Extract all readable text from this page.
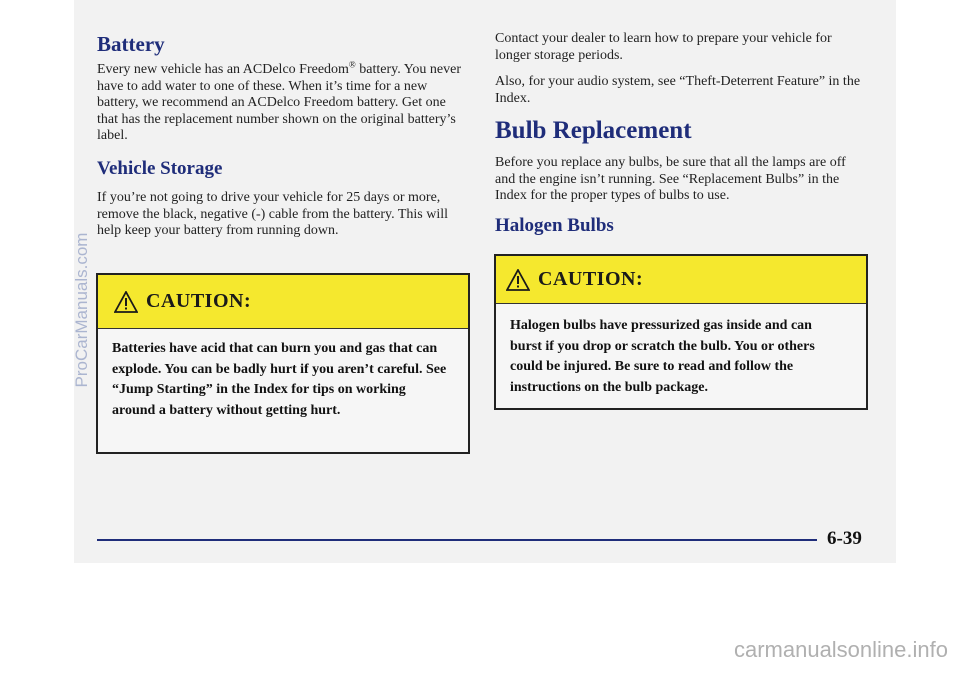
Battery

Every new vehicle has an ACDelco Freedom® battery. You never have to add water to one of these. When it’s time for a new battery, we recommend an ACDelco Freedom battery. Get one that has the replacement number shown on the original battery’s label.

Vehicle Storage

If you’re not going to drive your vehicle for 25 days or more, remove the black, negative (-) cable from the battery. This will help keep your battery from running down.

CAUTION:
Batteries have acid that can burn you and gas that can explode. You can be badly hurt if you aren’t careful. See “Jump Starting” in the Index for tips on working around a battery without getting hurt.

Contact your dealer to learn how to prepare your vehicle for longer storage periods.

Also, for your audio system, see “Theft-Deterrent Feature” in the Index.

Bulb Replacement

Before you replace any bulbs, be sure that all the lamps are off and the engine isn’t running. See “Replacement Bulbs” in the Index for the proper types of bulbs to use.

Halogen Bulbs
CAUTION:
Halogen bulbs have pressurized gas inside and can burst if you drop or scratch the bulb. You or others could be injured. Be sure to read and follow the instructions on the bulb package.
6-39
ProCarManuals.com
carmanualsonline.info
